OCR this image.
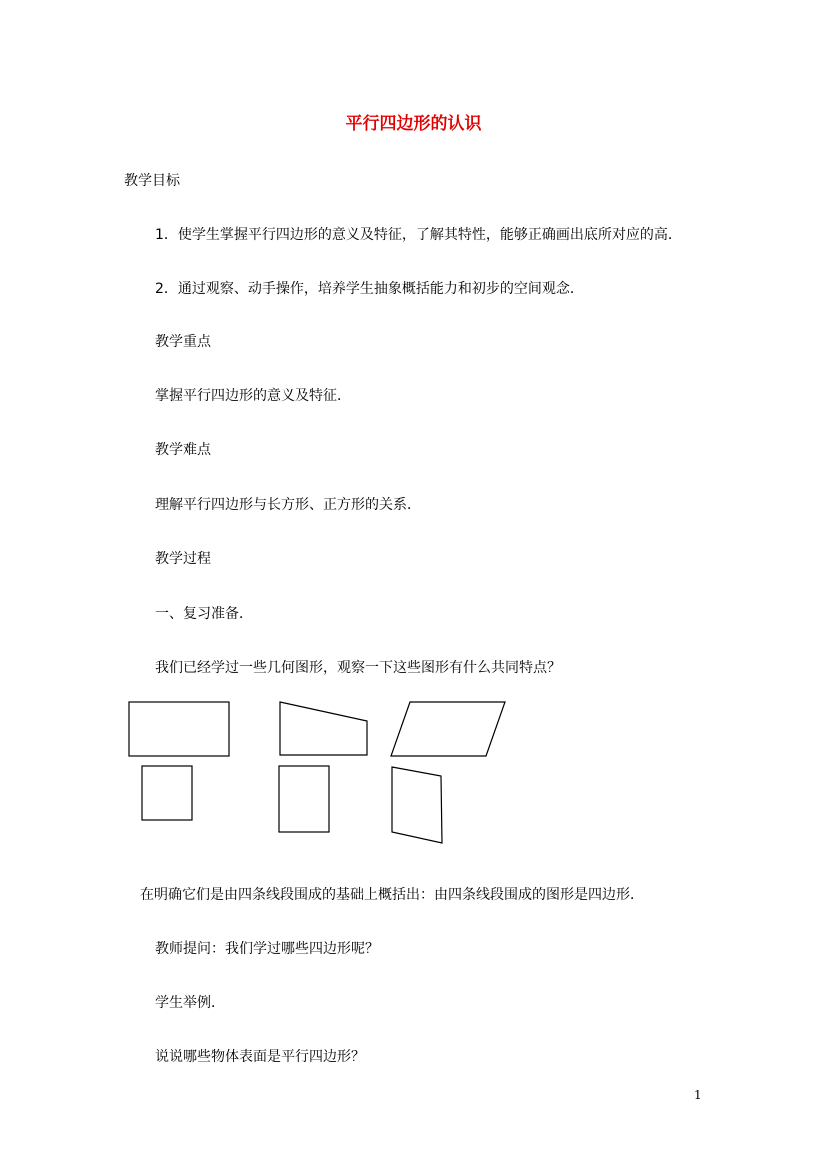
平行四边形的认识
教学目标
1．使学生掌握平行四边形的意义及特征，了解其特性，能够正确画出底所对应的高．
2．通过观察、动手操作，培养学生抽象概括能力和初步的空间观念．
教学重点
掌握平行四边形的意义及特征．
教学难点
理解平行四边形与长方形、正方形的关系．
教学过程
一、复习准备．
我们已经学过一些几何图形，观察一下这些图形有什么共同特点？
在明确它们是由四条线段围成的基础上概括出：由四条线段围成的图形是四边形．
教师提问：我们学过哪些四边形呢？
学生举例．
说说哪些物体表面是平行四边形？
1
